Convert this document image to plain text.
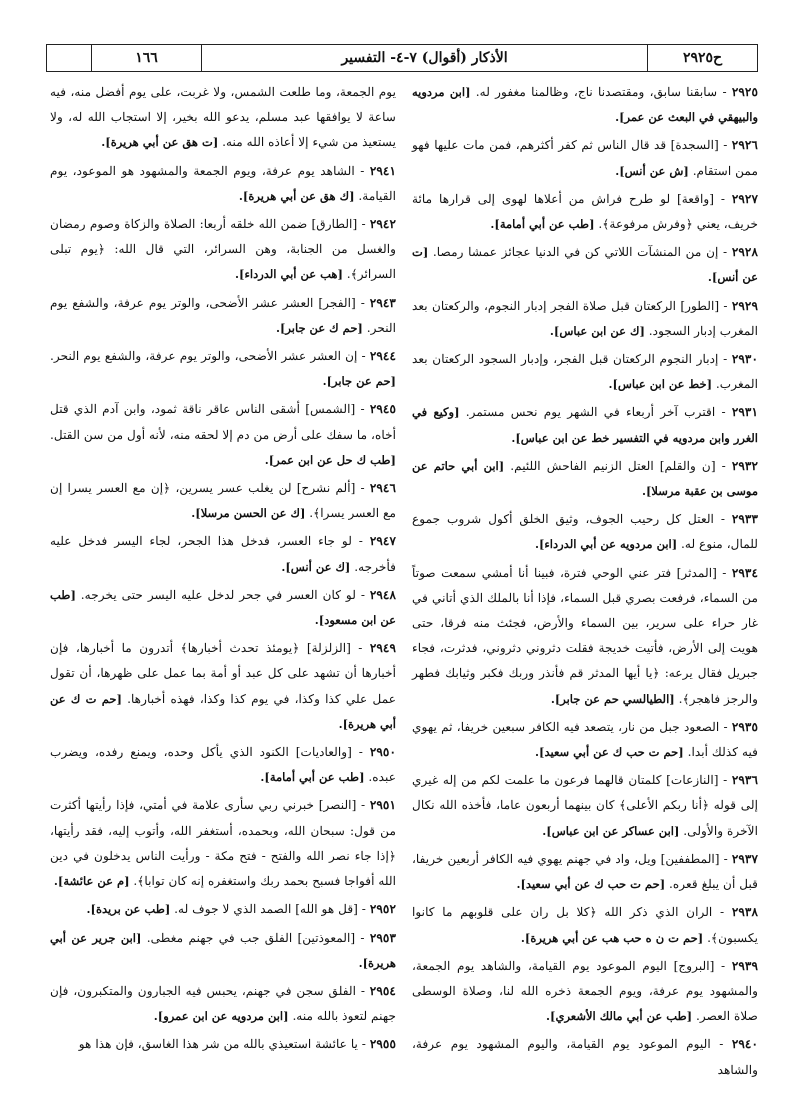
ح٢٩٢٥
الأذكار (أقوال) ٧-٤- التفسير
١٦٦

٢٩٢٥ - سابقنا سابق، ومقتصدنا ناج، وظالمنا مغفور له. [ابن مردويه والبيهقي في البعث عن عمر].

٢٩٢٦ - [السجدة] قد قال الناس ثم كفر أكثرهم، فمن مات عليها فهو ممن استقام. [ش عن أنس].

٢٩٢٧ - [واقعة] لو طرح فراش من أعلاها لهوى إلى قرارها مائة خريف، يعني ﴿وفرش مرفوعة﴾. [طب عن أبي أمامة].

٢٩٢٨ - إن من المنشآت اللاتي كن في الدنيا عجائز عمشا رمصا. [ت عن أنس].

٢٩٢٩ - [الطور] الركعتان قبل صلاة الفجر إدبار النجوم، والركعتان بعد المغرب إدبار السجود. [ك عن ابن عباس].

٢٩٣٠ - إدبار النجوم الركعتان قبل الفجر، وإدبار السجود الركعتان بعد المغرب. [خط عن ابن عباس].

٢٩٣١ - اقترب آخر أربعاء في الشهر يوم نحس مستمر. [وكيع في الغرر وابن مردويه في التفسير خط عن ابن عباس].

٢٩٣٢ - [ن والقلم] العتل الزنيم الفاحش اللئيم. [ابن أبي حاتم عن موسى بن عقبة مرسلا].

٢٩٣٣ - العتل كل رحيب الجوف، وثيق الخلق أكول شروب جموع للمال، منوع له. [ابن مردويه عن أبي الدرداء].

٢٩٣٤ - [المدثر] فتر عني الوحي فترة، فبينا أنا أمشي سمعت صوتاً من السماء، فرفعت بصري قبل السماء، فإذا أنا بالملك الذي أتاني في غار حراء على سرير، بين السماء والأرض، فجئث منه فرقا، حتى هويت إلى الأرض، فأتيت خديجة فقلت دثروني دثروني، فدثرت، فجاء جبريل فقال يرعه: ﴿يا أيها المدثر قم فأنذر وربك فكبر وثيابك فطهر والرجز فاهجر﴾. [الطيالسي حم عن جابر].

٢٩٣٥ - الصعود جبل من نار، يتصعد فيه الكافر سبعين خريفا، ثم يهوي فيه كذلك أبدا. [حم ت حب ك عن أبي سعيد].

٢٩٣٦ - [النازعات] كلمتان قالهما فرعون ما علمت لكم من إله غيري إلى قوله ﴿أنا ربكم الأعلى﴾ كان بينهما أربعون عاما، فأخذه الله نكال الآخرة والأولى. [ابن عساكر عن ابن عباس].

٢٩٣٧ - [المطففين] ويل، واد في جهنم يهوي فيه الكافر أربعين خريفا، قبل أن يبلغ قعره. [حم ت حب ك عن أبي سعيد].

٢٩٣٨ - الران الذي ذكر الله ﴿كلا بل ران على قلوبهم ما كانوا يكسبون﴾. [حم ت ن ه حب هب عن أبي هريرة].

٢٩٣٩ - [البروج] اليوم الموعود يوم القيامة، والشاهد يوم الجمعة، والمشهود يوم عرفة، ويوم الجمعة ذخره الله لنا، وصلاة الوسطى صلاة العصر. [طب عن أبي مالك الأشعري].

٢٩٤٠ - اليوم الموعود يوم القيامة، واليوم المشهود يوم عرفة، والشاهد

يوم الجمعة، وما طلعت الشمس، ولا غربت، على يوم أفضل منه، فيه ساعة لا يوافقها عبد مسلم، يدعو الله بخير، إلا استجاب الله له، ولا يستعيذ من شيء إلا أعاذه الله منه. [ت هق عن أبي هريرة].

٢٩٤١ - الشاهد يوم عرفة، ويوم الجمعة والمشهود هو الموعود، يوم القيامة. [ك هق عن أبي هريرة].

٢٩٤٢ - [الطارق] ضمن الله خلقه أربعا: الصلاة والزكاة وصوم رمضان والغسل من الجنابة، وهن السرائر، التي قال الله: ﴿يوم تبلى السرائر﴾. [هب عن أبي الدرداء].

٢٩٤٣ - [الفجر] العشر عشر الأضحى، والوتر يوم عرفة، والشفع يوم النحر. [حم ك عن جابر].

٢٩٤٤ - إن العشر عشر الأضحى، والوتر يوم عرفة، والشفع يوم النحر. [حم عن جابر].

٢٩٤٥ - [الشمس] أشقى الناس عاقر ناقة ثمود، وابن آدم الذي قتل أخاه، ما سفك على أرض من دم إلا لحقه منه، لأنه أول من سن القتل. [طب ك حل عن ابن عمر].

٢٩٤٦ - [ألم نشرح] لن يغلب عسر يسرين، ﴿إن مع العسر يسرا إن مع العسر يسرا﴾. [ك عن الحسن مرسلا].

٢٩٤٧ - لو جاء العسر، فدخل هذا الجحر، لجاء اليسر فدخل عليه فأخرجه. [ك عن أنس].

٢٩٤٨ - لو كان العسر في جحر لدخل عليه اليسر حتى يخرجه. [طب عن ابن مسعود].

٢٩٤٩ - [الزلزلة] ﴿يومئذ تحدث أخبارها﴾ أتدرون ما أخبارها، فإن أخبارها أن تشهد على كل عبد أو أمة بما عمل على ظهرها، أن تقول عمل علي كذا وكذا، في يوم كذا وكذا، فهذه أخبارها. [حم ت ك عن أبي هريرة].

٢٩٥٠ - [والعاديات] الكنود الذي يأكل وحده، ويمنع رفده، ويضرب عبده. [طب عن أبي أمامة].

٢٩٥١ - [النصر] خبرني ربي سأرى علامة في أمتي، فإذا رأيتها أكثرت من قول: سبحان الله، وبحمده، أستغفر الله، وأتوب إليه، فقد رأيتها، ﴿إذا جاء نصر الله والفتح - فتح مكة - ورأيت الناس يدخلون في دين الله أفواجا فسبح بحمد ربك واستغفره إنه كان توابا﴾. [م عن عائشة].

٢٩٥٢ - [قل هو الله] الصمد الذي لا جوف له. [طب عن بريدة].

٢٩٥٣ - [المعوذتين] الفلق جب في جهنم مغطى. [ابن جرير عن أبي هريرة].

٢٩٥٤ - الفلق سجن في جهنم، يحبس فيه الجبارون والمتكبرون، فإن جهنم لتعوذ بالله منه. [ابن مردويه عن ابن عمرو].

٢٩٥٥ - يا عائشة استعيذي بالله من شر هذا الغاسق، فإن هذا هو
